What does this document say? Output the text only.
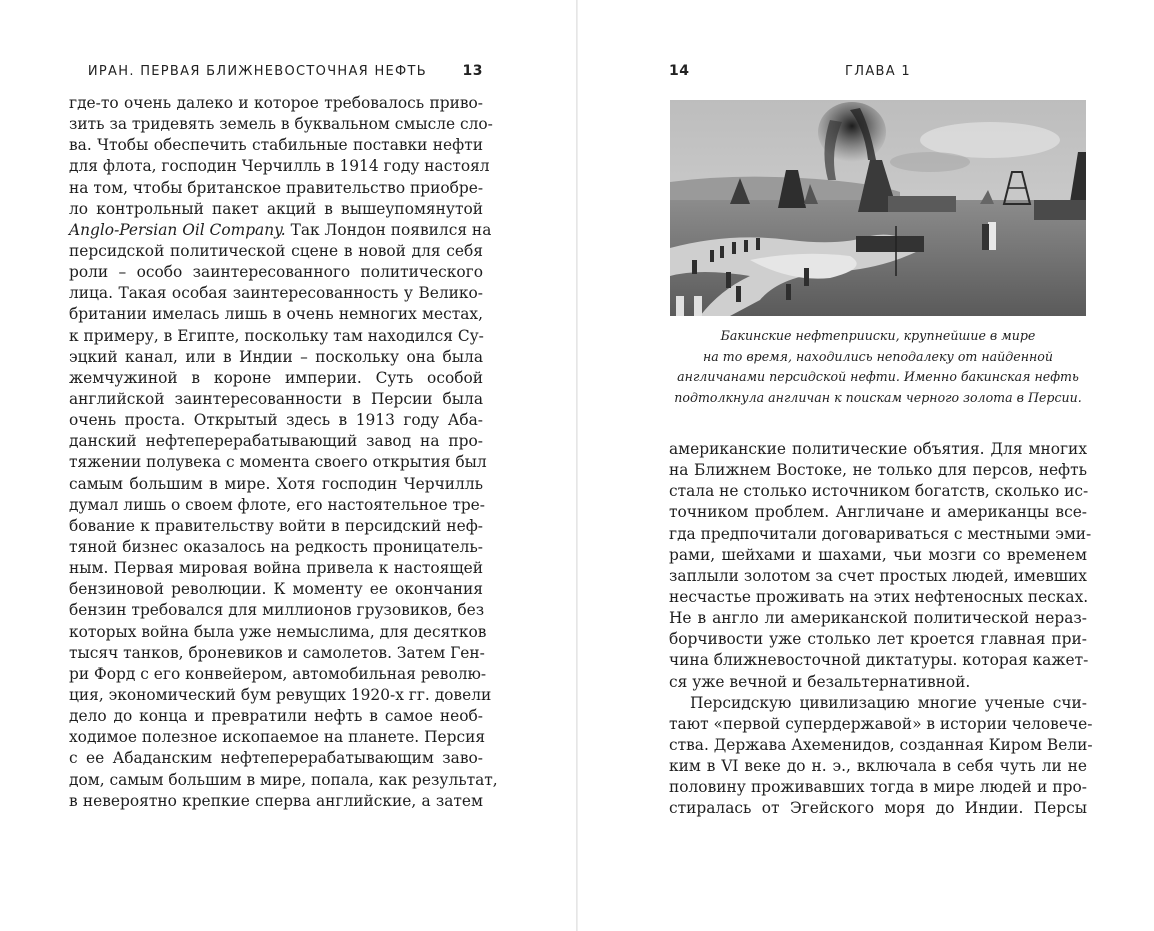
ИРАН. ПЕРВАЯ БЛИЖНЕВОСТОЧНАЯ НЕФТЬ	13
где-то очень далеко и которое требовалось приво-
зить за тридевять земель в буквальном смысле сло-
ва. Чтобы обеспечить стабильные поставки нефти
для флота, господин Черчилль в 1914 году настоял
на том, чтобы британское правительство приобре-
ло контрольный пакет акций в вышеупомянутой
Anglo-Persian Oil Company. Так Лондон появился на
персидской политической сцене в новой для себя
роли – особо заинтересованного политического
лица. Такая особая заинтересованность у Велико-
британии имелась лишь в очень немногих местах,
к примеру, в Египте, поскольку там находился Су-
эцкий канал, или в Индии – поскольку она была
жемчужиной в короне империи. Суть особой
английской заинтересованности в Персии была
очень проста. Открытый здесь в 1913 году Аба-
данский нефтеперерабатывающий завод на про-
тяжении полувека с момента своего открытия был
самым большим в мире. Хотя господин Черчилль
думал лишь о своем флоте, его настоятельное тре-
бование к правительству войти в персидский неф-
тяной бизнес оказалось на редкость проницатель-
ным. Первая мировая война привела к настоящей
бензиновой революции. К моменту ее окончания
бензин требовался для миллионов грузовиков, без
которых война была уже немыслима, для десятков
тысяч танков, броневиков и самолетов. Затем Ген-
ри Форд с его конвейером, автомобильная револю-
ция, экономический бум ревущих 1920-х гг. довели
дело до конца и превратили нефть в самое необ-
ходимое полезное ископаемое на планете. Персия
с ее Абаданским нефтеперерабатывающим заво-
дом, самым большим в мире, попала, как результат,
в невероятно крепкие сперва английские, а затем
14	ГЛАВА 1
Бакинские нефтеприиски, крупнейшие в мире
на то время, находились неподалеку от найденной
англичанами персидской нефти. Именно бакинская нефть
подтолкнула англичан к поискам черного золота в Персии.
американские политические объятия. Для многих
на Ближнем Востоке, не только для персов, нефть
стала не столько источником богатств, сколько ис-
точником проблем. Англичане и американцы все-
гда предпочитали договариваться с местными эми-
рами, шейхами и шахами, чьи мозги со временем
заплыли золотом за счет простых людей, имевших
несчастье проживать на этих нефтеносных песках.
Не в англо ли американской политической нераз-
борчивости уже столько лет кроется главная при-
чина ближневосточной диктатуры. которая кажет-
ся уже вечной и безальтернативной.
Персидскую цивилизацию многие ученые счи-
тают «первой супердержавой» в истории человече-
ства. Держава Ахеменидов, созданная Киром Вели-
ким в VI веке до н. э., включала в себя чуть ли не
половину проживавших тогда в мире людей и про-
стиралась от Эгейского моря до Индии. Персы
